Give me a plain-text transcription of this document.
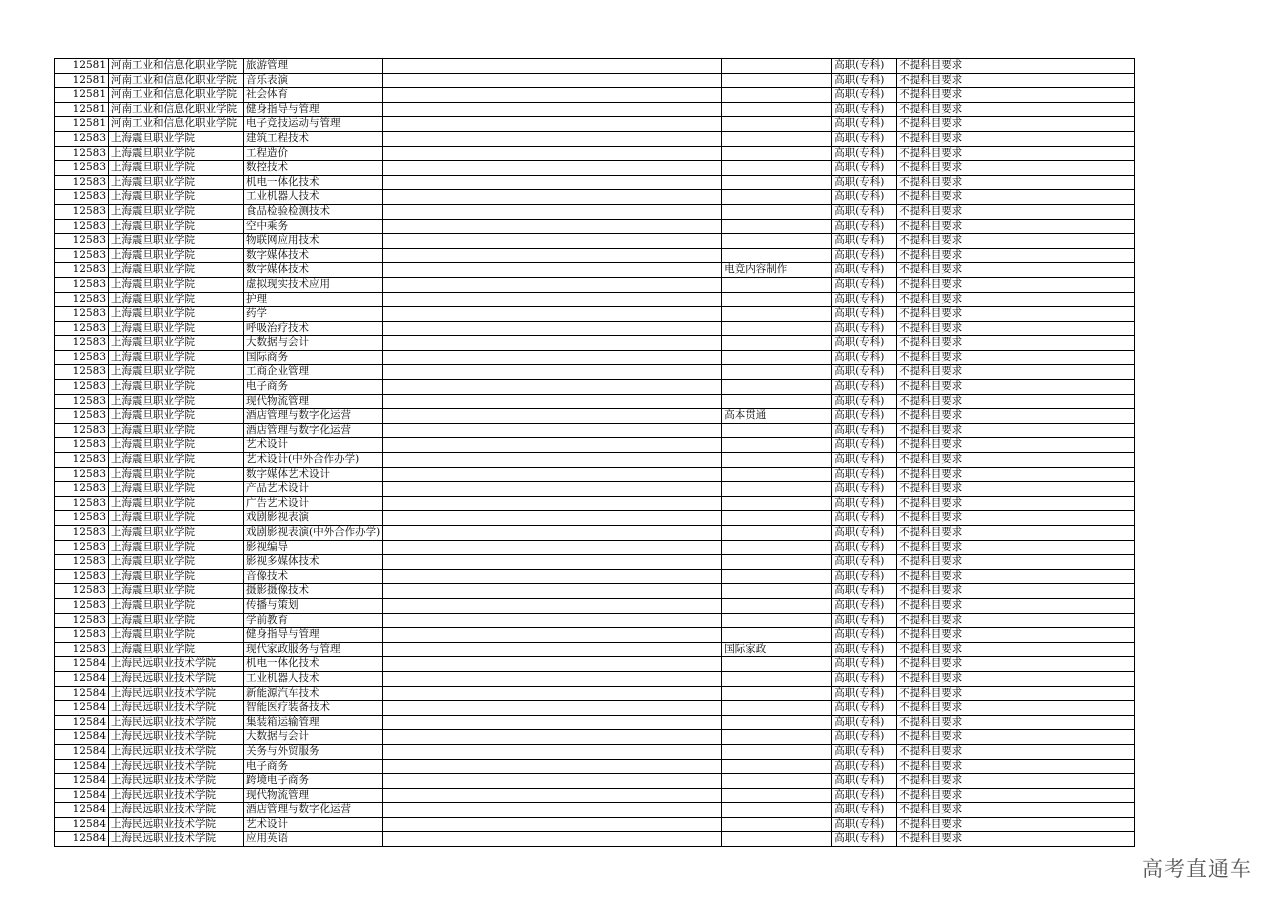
12581	河南工业和信息化职业学院	旅游管理			高职(专科)	不提科目要求
12581	河南工业和信息化职业学院	音乐表演			高职(专科)	不提科目要求
12581	河南工业和信息化职业学院	社会体育			高职(专科)	不提科目要求
12581	河南工业和信息化职业学院	健身指导与管理			高职(专科)	不提科目要求
12581	河南工业和信息化职业学院	电子竞技运动与管理			高职(专科)	不提科目要求
12583	上海震旦职业学院	建筑工程技术			高职(专科)	不提科目要求
12583	上海震旦职业学院	工程造价			高职(专科)	不提科目要求
12583	上海震旦职业学院	数控技术			高职(专科)	不提科目要求
12583	上海震旦职业学院	机电一体化技术			高职(专科)	不提科目要求
12583	上海震旦职业学院	工业机器人技术			高职(专科)	不提科目要求
12583	上海震旦职业学院	食品检验检测技术			高职(专科)	不提科目要求
12583	上海震旦职业学院	空中乘务			高职(专科)	不提科目要求
12583	上海震旦职业学院	物联网应用技术			高职(专科)	不提科目要求
12583	上海震旦职业学院	数字媒体技术			高职(专科)	不提科目要求
12583	上海震旦职业学院	数字媒体技术		电竞内容制作	高职(专科)	不提科目要求
12583	上海震旦职业学院	虚拟现实技术应用			高职(专科)	不提科目要求
12583	上海震旦职业学院	护理			高职(专科)	不提科目要求
12583	上海震旦职业学院	药学			高职(专科)	不提科目要求
12583	上海震旦职业学院	呼吸治疗技术			高职(专科)	不提科目要求
12583	上海震旦职业学院	大数据与会计			高职(专科)	不提科目要求
12583	上海震旦职业学院	国际商务			高职(专科)	不提科目要求
12583	上海震旦职业学院	工商企业管理			高职(专科)	不提科目要求
12583	上海震旦职业学院	电子商务			高职(专科)	不提科目要求
12583	上海震旦职业学院	现代物流管理			高职(专科)	不提科目要求
12583	上海震旦职业学院	酒店管理与数字化运营		高本贯通	高职(专科)	不提科目要求
12583	上海震旦职业学院	酒店管理与数字化运营			高职(专科)	不提科目要求
12583	上海震旦职业学院	艺术设计			高职(专科)	不提科目要求
12583	上海震旦职业学院	艺术设计(中外合作办学)			高职(专科)	不提科目要求
12583	上海震旦职业学院	数字媒体艺术设计			高职(专科)	不提科目要求
12583	上海震旦职业学院	产品艺术设计			高职(专科)	不提科目要求
12583	上海震旦职业学院	广告艺术设计			高职(专科)	不提科目要求
12583	上海震旦职业学院	戏剧影视表演			高职(专科)	不提科目要求
12583	上海震旦职业学院	戏剧影视表演(中外合作办学)			高职(专科)	不提科目要求
12583	上海震旦职业学院	影视编导			高职(专科)	不提科目要求
12583	上海震旦职业学院	影视多媒体技术			高职(专科)	不提科目要求
12583	上海震旦职业学院	音像技术			高职(专科)	不提科目要求
12583	上海震旦职业学院	摄影摄像技术			高职(专科)	不提科目要求
12583	上海震旦职业学院	传播与策划			高职(专科)	不提科目要求
12583	上海震旦职业学院	学前教育			高职(专科)	不提科目要求
12583	上海震旦职业学院	健身指导与管理			高职(专科)	不提科目要求
12583	上海震旦职业学院	现代家政服务与管理		国际家政	高职(专科)	不提科目要求
12584	上海民远职业技术学院	机电一体化技术			高职(专科)	不提科目要求
12584	上海民远职业技术学院	工业机器人技术			高职(专科)	不提科目要求
12584	上海民远职业技术学院	新能源汽车技术			高职(专科)	不提科目要求
12584	上海民远职业技术学院	智能医疗装备技术			高职(专科)	不提科目要求
12584	上海民远职业技术学院	集装箱运输管理			高职(专科)	不提科目要求
12584	上海民远职业技术学院	大数据与会计			高职(专科)	不提科目要求
12584	上海民远职业技术学院	关务与外贸服务			高职(专科)	不提科目要求
12584	上海民远职业技术学院	电子商务			高职(专科)	不提科目要求
12584	上海民远职业技术学院	跨境电子商务			高职(专科)	不提科目要求
12584	上海民远职业技术学院	现代物流管理			高职(专科)	不提科目要求
12584	上海民远职业技术学院	酒店管理与数字化运营			高职(专科)	不提科目要求
12584	上海民远职业技术学院	艺术设计			高职(专科)	不提科目要求
12584	上海民远职业技术学院	应用英语			高职(专科)	不提科目要求
高考直通车
